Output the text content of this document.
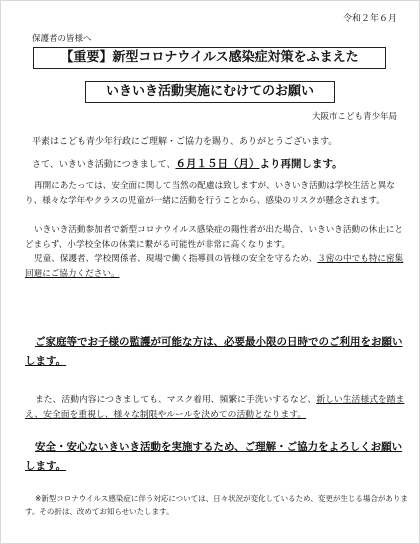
令和２年６月
保護者の皆様へ
【重要】新型コロナウイルス感染症対策をふまえた
いきいき活動実施にむけてのお願い
大阪市こども青少年局
平素はこども青少年行政にご理解・ご協力を賜り、ありがとうございます。
さて、いきいき活動につきまして、６月１５日（月）より再開します。
再開にあたっては、安全面に関して当然の配慮は致しますが、いきいき活動は学校生活と異なり、様々な学年やクラスの児童が一緒に活動を行うことから、感染のリスクが懸念されます。
いきいき活動参加者で新型コロナウイルス感染症の陽性者が出た場合、いきいき活動の休止にとどまらず、小学校全体の休業に繋がる可能性が非常に高くなります。
児童、保護者、学校関係者、現場で働く指導員の皆様の安全を守るため、３密の中でも特に密集回避にご協力ください。
ご家庭等でお子様の監護が可能な方は、必要最小限の日時でのご利用をお願いします。
また、活動内容につきましても、マスク着用、頻繁に手洗いするなど、新しい生活様式を踏まえ、安全面を重視し、様々な制限やルールを決めての活動となります。
安全・安心ないきいき活動を実施するため、ご理解・ご協力をよろしくお願いします。
※新型コロナウイルス感染症に伴う対応については、日々状況が変化しているため、変更が生じる場合があります。その折は、改めてお知らせいたします。
